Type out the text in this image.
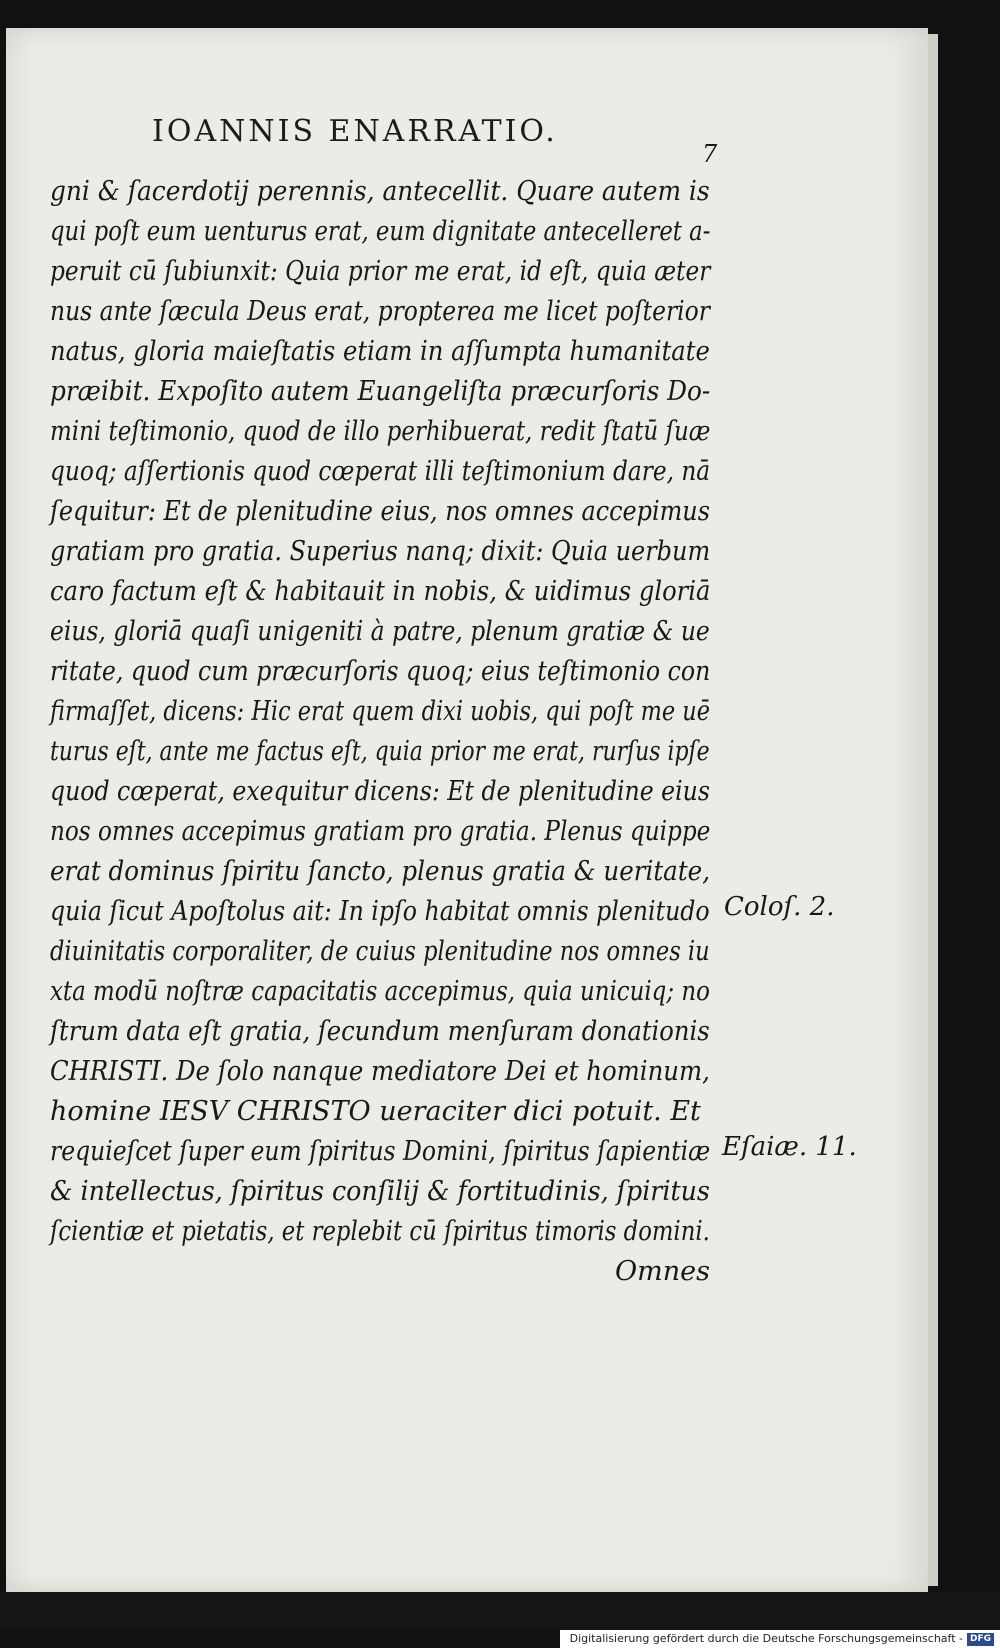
IOANNIS ENARRATIO.
7
gni & ſacerdotij perennis, antecellit. Quare autem is
qui poſt eum uenturus erat, eum dignitate antecelleret a-
peruit cū ſubiunxit: Quia prior me erat, id eſt, quia æter
nus ante ſæcula Deus erat, propterea me licet poſterior
natus, gloria maieſtatis etiam in aſſumpta humanitate
præibit. Expoſito autem Euangeliſta præcurſoris Do-
mini teſtimonio, quod de illo perhibuerat, redit ſtatū ſuæ
quoq; aſſertionis quod cœperat illi teſtimonium dare, nā
ſequitur: Et de plenitudine eius, nos omnes accepimus
gratiam pro gratia. Superius nanq; dixit: Quia uerbum
caro factum eſt & habitauit in nobis, & uidimus gloriā
eius, gloriā quaſi unigeniti à patre, plenum gratiæ & ue
ritate, quod cum præcurſoris quoq; eius teſtimonio con
firmaſſet, dicens: Hic erat quem dixi uobis, qui poſt me uē
turus eſt, ante me factus eſt, quia prior me erat, rurſus ipſe
quod cœperat, exequitur dicens: Et de plenitudine eius
nos omnes accepimus gratiam pro gratia. Plenus quippe
erat dominus ſpiritu ſancto, plenus gratia & ueritate,
quia ſicut Apoſtolus ait: In ipſo habitat omnis plenitudo
diuinitatis corporaliter, de cuius plenitudine nos omnes iu
xta modū noſtræ capacitatis accepimus, quia unicuiq; no
ſtrum data eſt gratia, ſecundum menſuram donationis
CHRISTI. De ſolo nanque mediatore Dei et hominum,
homine IESV CHRISTO ueraciter dici potuit. Et
requieſcet ſuper eum ſpiritus Domini, ſpiritus ſapientiæ
& intellectus, ſpiritus conſilij & fortitudinis, ſpiritus
ſcientiæ et pietatis, et replebit cū ſpiritus timoris domini.
Omnes
Coloſ. 2.
Eſaiæ. 11.
Digitalisierung gefördert durch die Deutsche Forschungsgemeinschaft - DFG
